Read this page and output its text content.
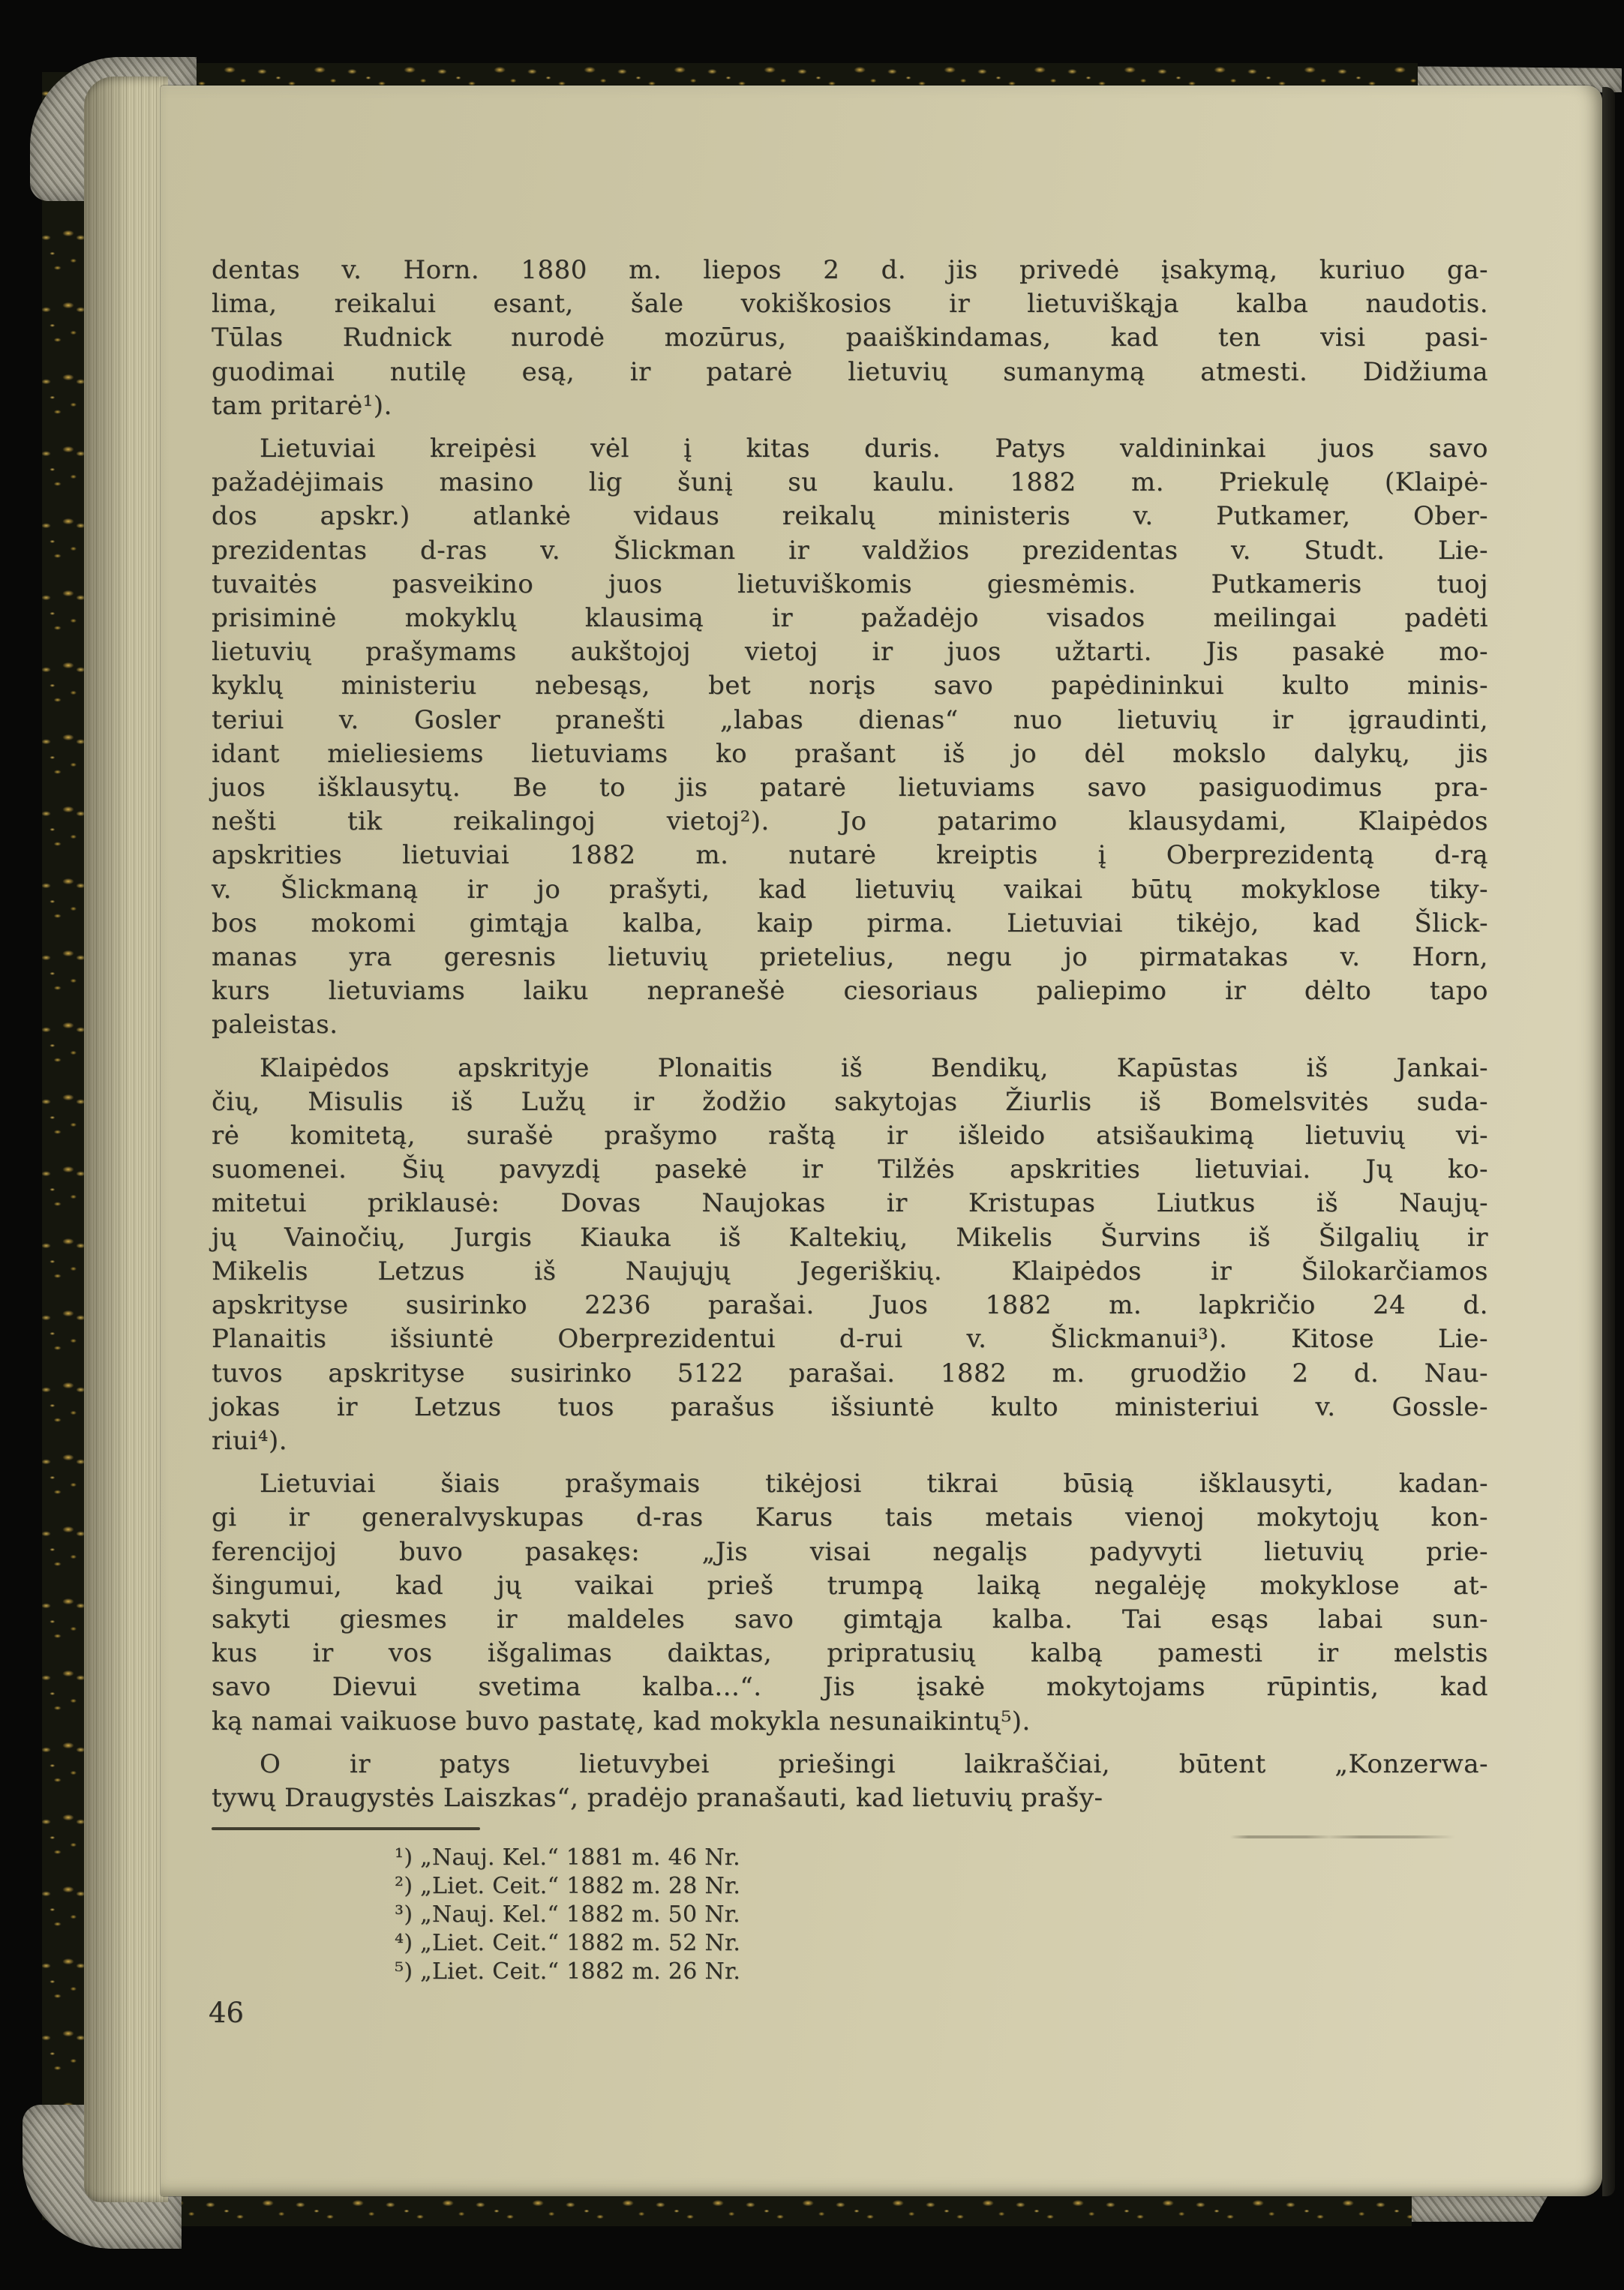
dentas v. Horn. 1880 m. liepos 2 d. jis privedė įsakymą, kuriuo ga-
lima, reikalui esant, šale vokiškosios ir lietuviškąja kalba naudotis.
Tūlas Rudnick nurodė mozūrus, paaiškindamas, kad ten visi pasi-
guodimai nutilę esą, ir patarė lietuvių sumanymą atmesti. Didžiuma
tam pritarė¹).
Lietuviai kreipėsi vėl į kitas duris. Patys valdininkai juos savo
pažadėjimais masino lig šunį su kaulu. 1882 m. Priekulę (Klaipė-
dos apskr.) atlankė vidaus reikalų ministeris v. Putkamer, Ober-
prezidentas d-ras v. Šlickman ir valdžios prezidentas v. Studt. Lie-
tuvaitės pasveikino juos lietuviškomis giesmėmis. Putkameris tuoj
prisiminė mokyklų klausimą ir pažadėjo visados meilingai padėti
lietuvių prašymams aukštojoj vietoj ir juos užtarti. Jis pasakė mo-
kyklų ministeriu nebesąs, bet norįs savo papėdininkui kulto minis-
teriui v. Gosler pranešti „labas dienas“ nuo lietuvių ir įgraudinti,
idant mieliesiems lietuviams ko prašant iš jo dėl mokslo dalykų, jis
juos išklausytų. Be to jis patarė lietuviams savo pasiguodimus pra-
nešti tik reikalingoj vietoj²). Jo patarimo klausydami, Klaipėdos
apskrities lietuviai 1882 m. nutarė kreiptis į Oberprezidentą d-rą
v. Šlickmaną ir jo prašyti, kad lietuvių vaikai būtų mokyklose tiky-
bos mokomi gimtąja kalba, kaip pirma. Lietuviai tikėjo, kad Šlick-
manas yra geresnis lietuvių prietelius, negu jo pirmatakas v. Horn,
kurs lietuviams laiku nepranešė ciesoriaus paliepimo ir dėlto tapo
paleistas.
Klaipėdos apskrityje Plonaitis iš Bendikų, Kapūstas iš Jankai-
čių, Misulis iš Lužų ir žodžio sakytojas Žiurlis iš Bomelsvitės suda-
rė komitetą, surašė prašymo raštą ir išleido atsišaukimą lietuvių vi-
suomenei. Šių pavyzdį pasekė ir Tilžės apskrities lietuviai. Jų ko-
mitetui priklausė: Dovas Naujokas ir Kristupas Liutkus iš Naujų-
jų Vainočių, Jurgis Kiauka iš Kaltekių, Mikelis Šurvins iš Šilgalių ir
Mikelis Letzus iš Naujųjų Jegeriškių. Klaipėdos ir Šilokarčiamos
apskrityse susirinko 2236 parašai. Juos 1882 m. lapkričio 24 d.
Planaitis išsiuntė Oberprezidentui d-rui v. Šlickmanui³). Kitose Lie-
tuvos apskrityse susirinko 5122 parašai. 1882 m. gruodžio 2 d. Nau-
jokas ir Letzus tuos parašus išsiuntė kulto ministeriui v. Gossle-
riui⁴).
Lietuviai šiais prašymais tikėjosi tikrai būsią išklausyti, kadan-
gi ir generalvyskupas d-ras Karus tais metais vienoj mokytojų kon-
ferencijoj buvo pasakęs: „Jis visai negalįs padyvyti lietuvių prie-
šingumui, kad jų vaikai prieš trumpą laiką negalėję mokyklose at-
sakyti giesmes ir maldeles savo gimtąja kalba. Tai esąs labai sun-
kus ir vos išgalimas daiktas, pripratusių kalbą pamesti ir melstis
savo Dievui svetima kalba...“. Jis įsakė mokytojams rūpintis, kad
ką namai vaikuose buvo pastatę, kad mokykla nesunaikintų⁵).
O ir patys lietuvybei priešingi laikraščiai, būtent „Konzerwa-
tywų Draugystės Laiszkas“, pradėjo pranašauti, kad lietuvių prašy-
¹) „Nauj. Kel.“ 1881 m. 46 Nr.
²) „Liet. Ceit.“ 1882 m. 28 Nr.
³) „Nauj. Kel.“ 1882 m. 50 Nr.
⁴) „Liet. Ceit.“ 1882 m. 52 Nr.
⁵) „Liet. Ceit.“ 1882 m. 26 Nr.
46
